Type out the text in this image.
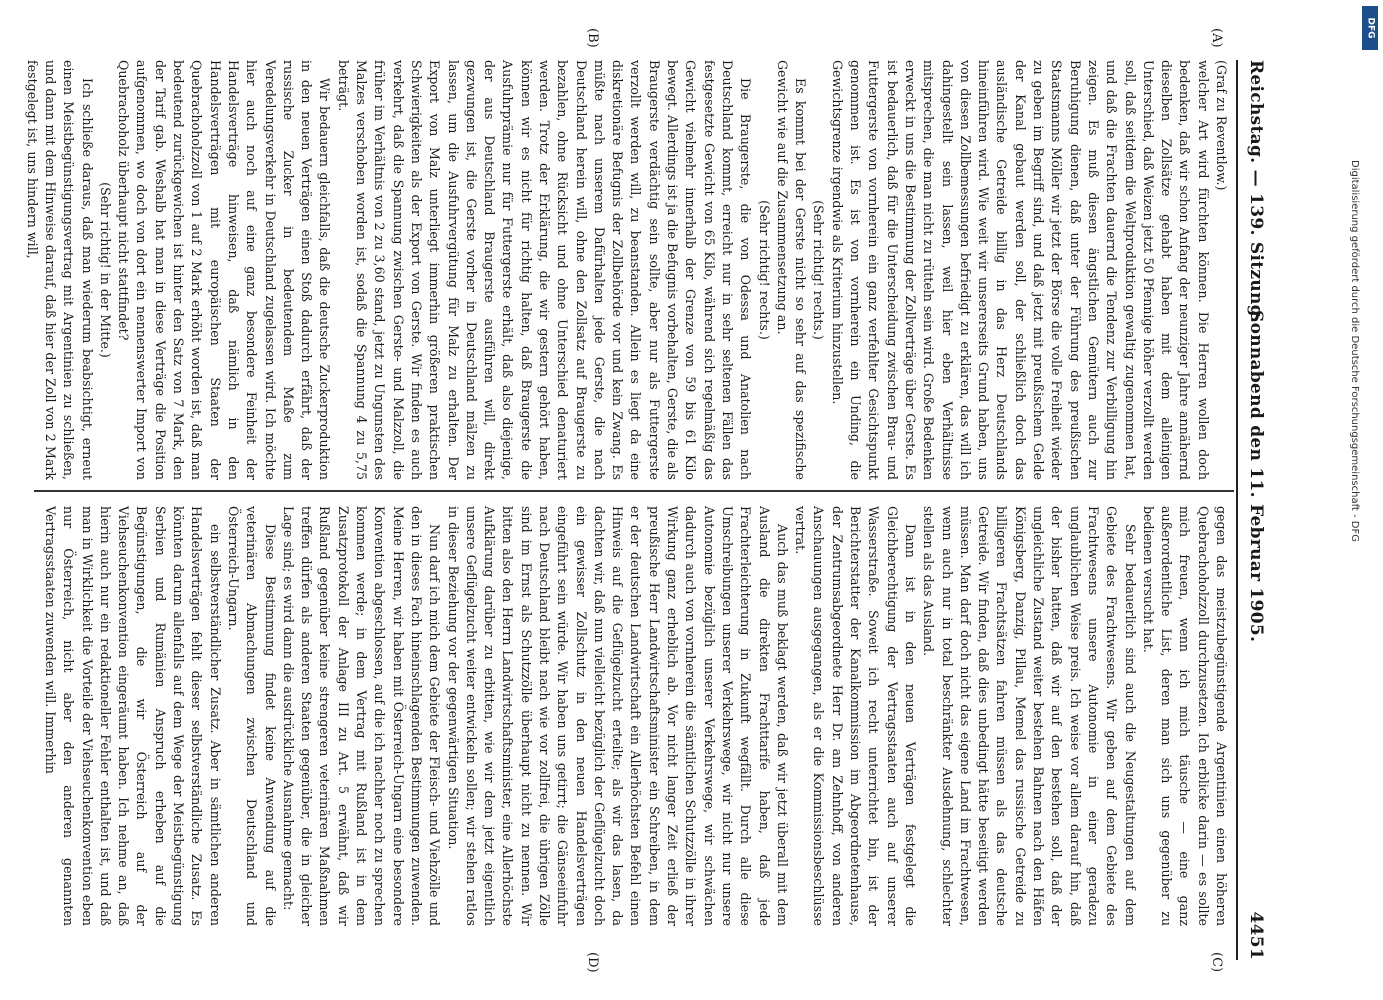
Reichstag. — 139. Sitzung.
Sonnabend den 11. Februar 1905.
4451
(A)
(B)
(C)
(D)

(Graf zu Reventlow.)

welcher Art wird fürchten können. Die Herren wollen doch bedenken, daß wir schon Anfang der neunziger Jahre annähernd dieselben Zollsätze gehabt haben mit dem alleinigen Unterschied, daß Weizen jetzt 50 Pfennige höher verzollt werden soll, daß seitdem die Weltproduktion gewaltig zugenommen hat, und daß die Frachten dauernd die Tendenz zur Verbilligung hin zeigen. Es muß diesen ängstlichen Gemütern auch zur Beruhigung dienen, daß unter der Führung des preußischen Staatsmanns Möller wir jetzt der Börse die volle Freiheit wieder zu geben im Begriff sind, und daß jetzt mit preußischem Gelde der Kanal gebaut werden soll, der schließlich doch das ausländische Getreide billig in das Herz Deutschlands hineinführen wird. Wie weit wir unsererseits Grund haben, uns von diesen Zollbemessungen befriedigt zu erklären, das will ich dahingestellt sein lassen, weil hier eben Verhältnisse mitsprechen, die man nicht zu rütteln sein wird. Große Bedenken erweckt in uns die Bestimmung der Zollverträge über Gerste. Es ist bedauerlich, daß für die Unterscheidung zwischen Brau- und Futtergerste von vornherein ein ganz verfehlter Gesichtspunkt genommen ist. Es ist von vornherein ein Unding, die Gewichtsgrenze irgendwie als Kriterium hinzustellen.

(Sehr richtig! rechts.)

Es kommt bei der Gerste nicht so sehr auf das spezifische Gewicht wie auf die Zusammensetzung an.

(Sehr richtig! rechts.)

Die Braugerste, die von Odessa und Anatolien nach Deutschland kommt, erreicht nur in sehr seltenen Fällen das festgesetzte Gewicht von 65 Kilo, während sich regelmäßig das Gewicht vielmehr innerhalb der Grenze von 59 bis 61 Kilo bewegt. Allerdings ist ja die Befugnis vorbehalten, Gerste, die als Braugerste verdächtig sein sollte, aber nur als Futtergerste verzollt werden will, zu beanstanden. Allein es liegt da eine diskretionäre Befugnis der Zollbehörde vor und kein Zwang. Es müßte nach unserem Dafürhalten jede Gerste, die nach Deutschland herein will, ohne den Zollsatz auf Braugerste zu bezahlen, ohne Rücksicht und ohne Unterschied denaturiert werden. Trotz der Erklärung, die wir gestern gehört haben, können wir es nicht für richtig halten, daß Braugerste die Ausfuhrprämie nur für Futtergerste erhält, daß also diejenige, der aus Deutschland Braugerste ausführen will, direkt gezwungen ist, die Gerste vorher in Deutschland mälzen zu lassen, um die Ausfuhrvergütung für Malz zu erhalten. Der Export von Malz unterliegt immerhin größeren praktischen Schwierigkeiten als der Export von Gerste. Wir finden es auch verkehrt, daß die Spannung zwischen Gerste- und Malzzoll, die früher im Verhältnis von 2 zu 3,60 stand, jetzt zu Ungunsten des Malzes verschoben worden ist, sodaß die Spannung 4 zu 5,75 beträgt.

Wir bedauern gleichfalls, daß die deutsche Zuckerproduktion in den neuen Verträgen einen Stoß dadurch erfährt, daß der russische Zucker in bedeutendem Maße zum Veredelungsverkehr in Deutschland zugelassen wird. Ich möchte hier auch noch auf eine ganz besondere Feinheit der Handelsverträge hinweisen, daß nämlich in den Handelsverträgen mit europäischen Staaten der Quebrachoholzzoll von 1 auf 2 Mark erhöht worden ist, daß man bedeutend zurückgewichen ist hinter den Satz von 7 Mark, den der Tarif gab. Weshalb hat man in diese Verträge die Position aufgenommen, wo doch von dort ein nennenswerter Import von Quebrachoholz überhaupt nicht stattfindet?

(Sehr richtig! in der Mitte.)

Ich schließe daraus, daß man wiederum beabsichtigt, erneut einen Meistbegünstigungsvertrag mit Argentinien zu schließen, und dann mit dem Hinweise darauf, daß hier der Zoll von 2 Mark festgelegt ist, uns hindern will,

gegen das meistzubegünstigende Argentinien einen höheren Quebrachoholzzoll durchzusetzen. Ich erblicke darin — es sollte mich freuen, wenn ich mich täusche — eine ganz außerordentliche List, deren man sich uns gegenüber zu bedienen versucht hat.

Sehr bedauerlich sind auch die Neugestaltungen auf dem Gebiete des Frachtwesens. Wir geben auf dem Gebiete des Frachtwesens unsere Autonomie in einer geradezu unglaublichen Weise preis. Ich weise vor allem darauf hin, daß der bisher hatten, daß wir auf den bestehen soll, daß der ungleichliche Zustand weiter bestehen Bahnen nach den Häfen Königsberg, Danzig, Pillau, Memel das russische Getreide zu billigeren Frachtsätzen fahren müssen als das deutsche Getreide. Wir finden, daß dies unbedingt hätte beseitigt werden müssen. Man darf doch nicht das eigene Land im Frachtwesen, wenn auch nur in total beschränkter Ausdehnung, schlechter stellen als das Ausland.

Dann ist in den neuen Verträgen festgelegt die Gleichberechtigung der Vertragsstaaten auch auf unserer Wasserstraße. Soweit ich recht unterrichtet bin, ist der Berichterstatter der Kanalkommission im Abgeordnetenhause, der Zentrumsabgeordnete Herr Dr. am Zehnhoff, von anderen Anschauungen ausgegangen, als er die Kommissionsbeschlüsse vertrat.

Auch das muß beklagt werden, daß wir jetzt überall mit dem Ausland die direkten Frachttarife haben, daß jede Frachterleichterung in Zukunft wegfällt. Durch alle diese Umschreibungen unserer Verkehrswege, wir nicht nur unsere Autonomie bezüglich unserer Verkehrswege, wir schwächen dadurch auch von vornherein die sämtlichen Schutzzölle in ihrer Wirkung ganz erheblich ab. Vor nicht langer Zeit erließ der preußische Herr Landwirtschaftsminister ein Schreiben, in dem er der deutschen Landwirtschaft ein Allerhöchsten Befehl einen Hinweis auf die Geflügelzucht erteilte; als wir das lasen, da dachten wir, daß nun vielleicht bezüglich der Geflügelzucht doch ein gewisser Zollschutz in den neuen Handelsverträgen eingeführt sein würde. Wir haben uns getirrt; die Gänseeinfuhr nach Deutschland bleibt nach wie vor zollfrei, die übrigen Zölle sind im Ernst als Schutzzölle überhaupt nicht zu nennen. Wir bitten also den Herrn Landwirtschaftsminister, eine Allerhöchste Aufklärung darüber zu erbitten, wie wir dem jetzt eigentlich unsere Geflügelzucht weiter entwickeln sollen; wir stehen ratlos in dieser Beziehung vor der gegenwärtigen Situation.

Nun darf ich mich dem Gebiete der Fleisch- und Viehzölle und den in dieses Fach hineinschlagenden Bestimmungen zuwenden. Meine Herren, wir haben mit Österreich-Ungarn eine besondere Konvention abgeschlossen, auf die ich nachher noch zu sprechen kommen werde; in dem Vertrag mit Rußland ist in dem Zusatzprotokoll der Anlage III zu Art. 5 erwähnt, daß wir Rußland gegenüber keine strengeren veterinären Maßnahmen treffen dürfen als anderen Staaten gegenüber, die in gleicher Lage sind; es wird dann die ausdrückliche Ausnahme gemacht:

Diese Bestimmung findet keine Anwendung auf die veterinären Abmachungen zwischen Deutschland und Österreich-Ungarn.

ein selbstverständlicher Zusatz. Aber in sämtlichen anderen Handelsverträgen fehlt dieser selbstverständliche Zusatz. Es könnten darum allenfalls auf dem Wege der Meistbegünstigung Serbien und Rumänien Anspruch erheben auf die Begünstigungen, die wir Österreich auf der Viehseuchenkonvention eingeräumt haben. Ich nehme an, daß hierin auch nur ein redaktioneller Fehler enthalten ist, und daß man in Wirklichkeit die Vorteile der Viehseuchenkonvention eben nur Österreich, nicht aber den anderen genannten Vertragsstaaten zuwenden will. Immerhin

DFG
Digitalisierung gefördert durch die Deutsche Forschungsgemeinschaft - DFG
